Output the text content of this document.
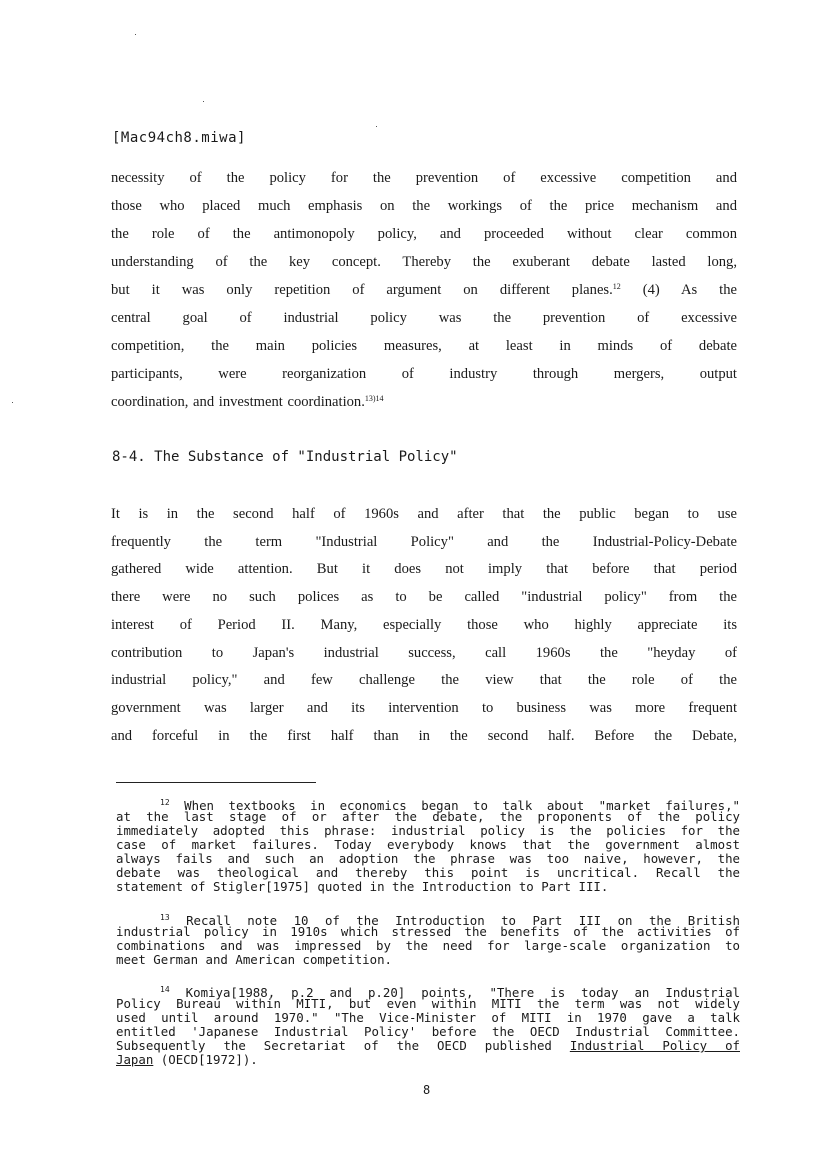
[Mac94ch8.miwa]
necessity of the policy for the prevention of excessive competition and
those who placed much emphasis on the workings of the price mechanism and
the role of the antimonopoly policy, and proceeded without clear common
understanding of the key concept. Thereby the exuberant debate lasted long,
but it was only repetition of argument on different planes.$^{12}$ (4) As the
central goal of industrial policy was the prevention of excessive
competition, the main policies measures, at least in minds of debate
participants, were reorganization of industry through mergers, output
coordination, and investment coordination.$^{13)14}$
8-4. The Substance of "Industrial Policy"
It is in the second half of 1960s and after that the public began to use
frequently the term "Industrial Policy" and the Industrial-Policy-Debate
gathered wide attention. But it does not imply that before that period
there were no such polices as to be called "industrial policy" from the
interest of Period II. Many, especially those who highly appreciate its
contribution to Japan's industrial success, call 1960s the "heyday of
industrial policy," and few challenge the view that the role of the
government was larger and its intervention to business was more frequent
and forceful in the first half than in the second half. Before the Debate,
$^{12}$ When textbooks in economics began to talk about "market failures,"
at the last stage of or after the debate, the proponents of the policy
immediately adopted this phrase: industrial policy is the policies for the
case of market failures. Today everybody knows that the government almost
always fails and such an adoption the phrase was too naive, however, the
debate was theological and thereby this point is uncritical. Recall the
statement of Stigler[1975] quoted in the Introduction to Part III.
$^{13}$ Recall note 10 of the Introduction to Part III on the British
industrial policy in 1910s which stressed the benefits of the activities of
combinations and was impressed by the need for large-scale organization to
meet German and American competition.
$^{14}$ Komiya[1988, p.2 and p.20] points, "There is today an Industrial
Policy Bureau within MITI, but even within MITI the term was not widely
used until around 1970." "The Vice-Minister of MITI in 1970 gave a talk
entitled 'Japanese Industrial Policy' before the OECD Industrial Committee.
Subsequently the Secretariat of the OECD published Industrial Policy of
Japan (OECD[1972]).
8
